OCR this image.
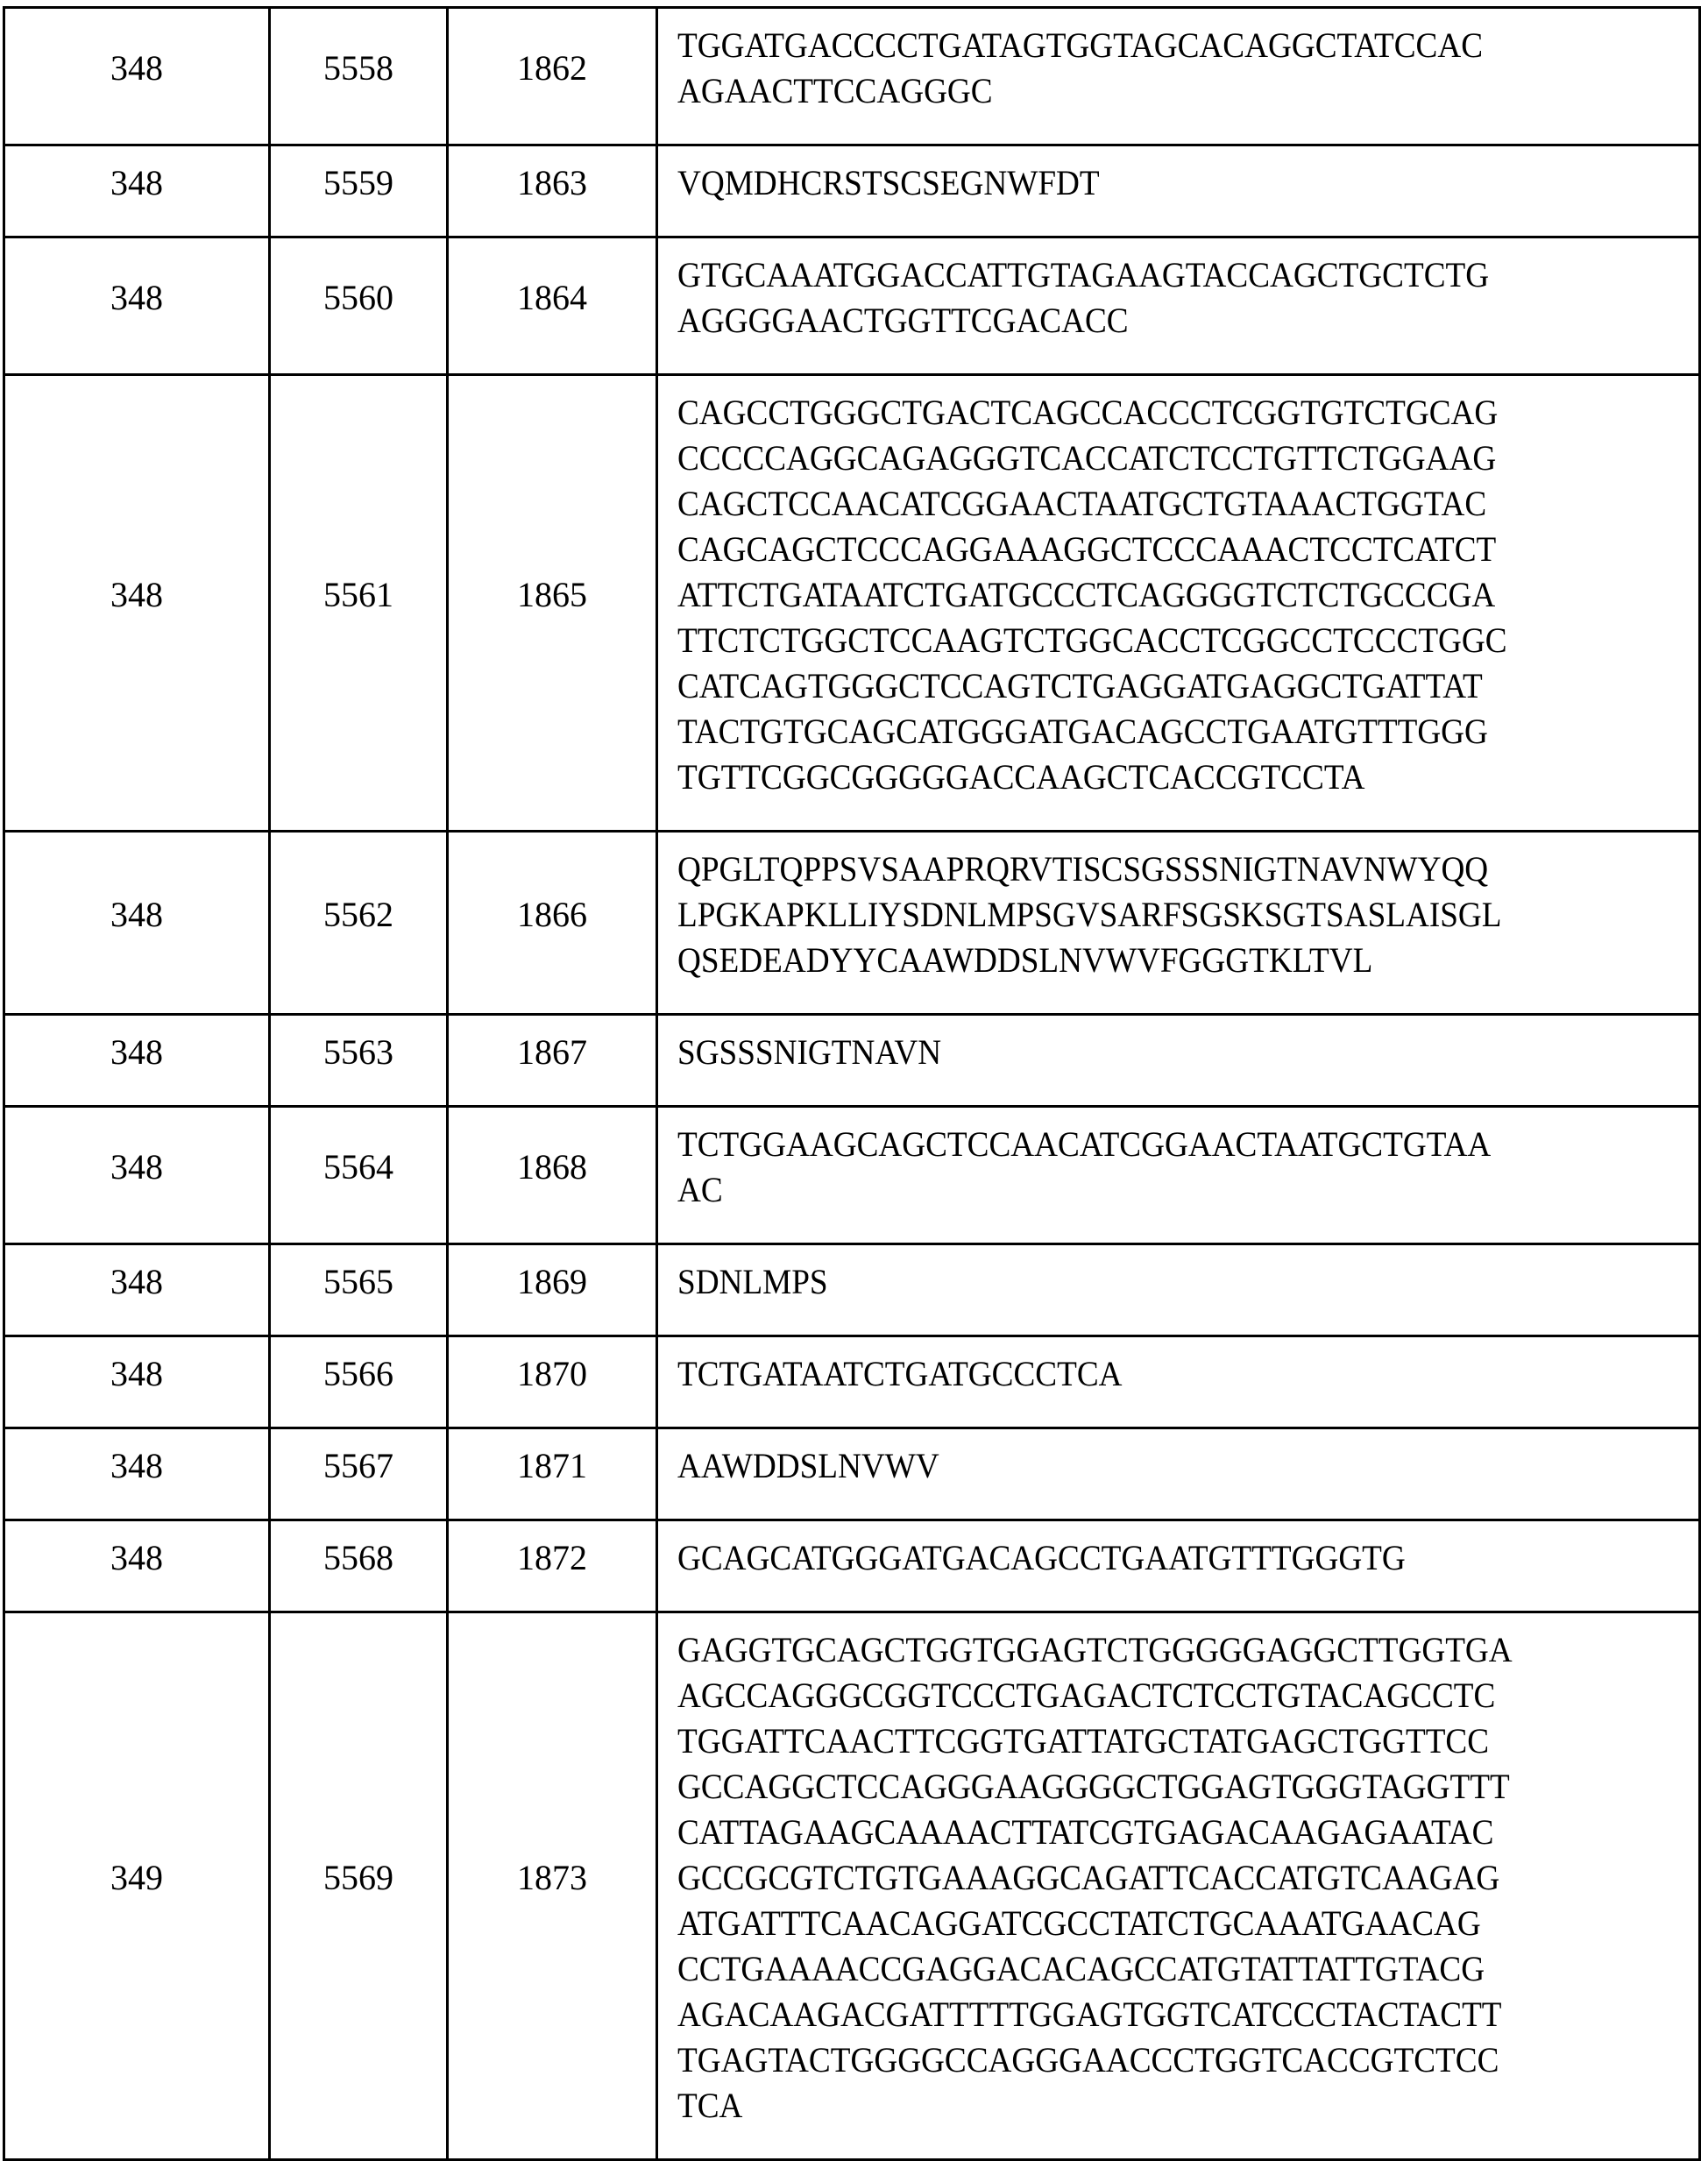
348	5558	1862	
TGGATGACCCCTGATAGTGGTAGCACAGGCTATCCAC
AGAACTTCCAGGGC

348	5559	1863	VQMDHCRSTSCSEGNWFDT

348	5560	1864	
GTGCAAATGGACCATTGTAGAAGTACCAGCTGCTCTG
AGGGGAACTGGTTCGACACC

348	5561	1865	
CAGCCTGGGCTGACTCAGCCACCCTCGGTGTCTGCAG
CCCCCAGGCAGAGGGTCACCATCTCCTGTTCTGGAAG
CAGCTCCAACATCGGAACTAATGCTGTAAACTGGTAC
CAGCAGCTCCCAGGAAAGGCTCCCAAACTCCTCATCT
ATTCTGATAATCTGATGCCCTCAGGGGTCTCTGCCCGA
TTCTCTGGCTCCAAGTCTGGCACCTCGGCCTCCCTGGC
CATCAGTGGGCTCCAGTCTGAGGATGAGGCTGATTAT
TACTGTGCAGCATGGGATGACAGCCTGAATGTTTGGG
TGTTCGGCGGGGGACCAAGCTCACCGTCCTA

348	5562	1866	
QPGLTQPPSVSAAPRQRVTISCSGSSSNIGTNAVNWYQQ
LPGKAPKLLIYSDNLMPSGVSARFSGSKSGTSASLAISGL
QSEDEADYYCAAWDDSLNVWVFGGGTKLTVL

348	5563	1867	SGSSSNIGTNAVN

348	5564	1868	
TCTGGAAGCAGCTCCAACATCGGAACTAATGCTGTAA
AC

348	5565	1869	SDNLMPS

348	5566	1870	TCTGATAATCTGATGCCCTCA

348	5567	1871	AAWDDSLNVWV

348	5568	1872	GCAGCATGGGATGACAGCCTGAATGTTTGGGTG

349	5569	1873	
GAGGTGCAGCTGGTGGAGTCTGGGGGAGGCTTGGTGA
AGCCAGGGCGGTCCCTGAGACTCTCCTGTACAGCCTC
TGGATTCAACTTCGGTGATTATGCTATGAGCTGGTTCC
GCCAGGCTCCAGGGAAGGGGCTGGAGTGGGTAGGTTT
CATTAGAAGCAAAACTTATCGTGAGACAAGAGAATAC
GCCGCGTCTGTGAAAGGCAGATTCACCATGTCAAGAG
ATGATTTCAACAGGATCGCCTATCTGCAAATGAACAG
CCTGAAAACCGAGGACACAGCCATGTATTATTGTACG
AGACAAGACGATTTTTGGAGTGGTCATCCCTACTACTT
TGAGTACTGGGGCCAGGGAACCCTGGTCACCGTCTCC
TCA
